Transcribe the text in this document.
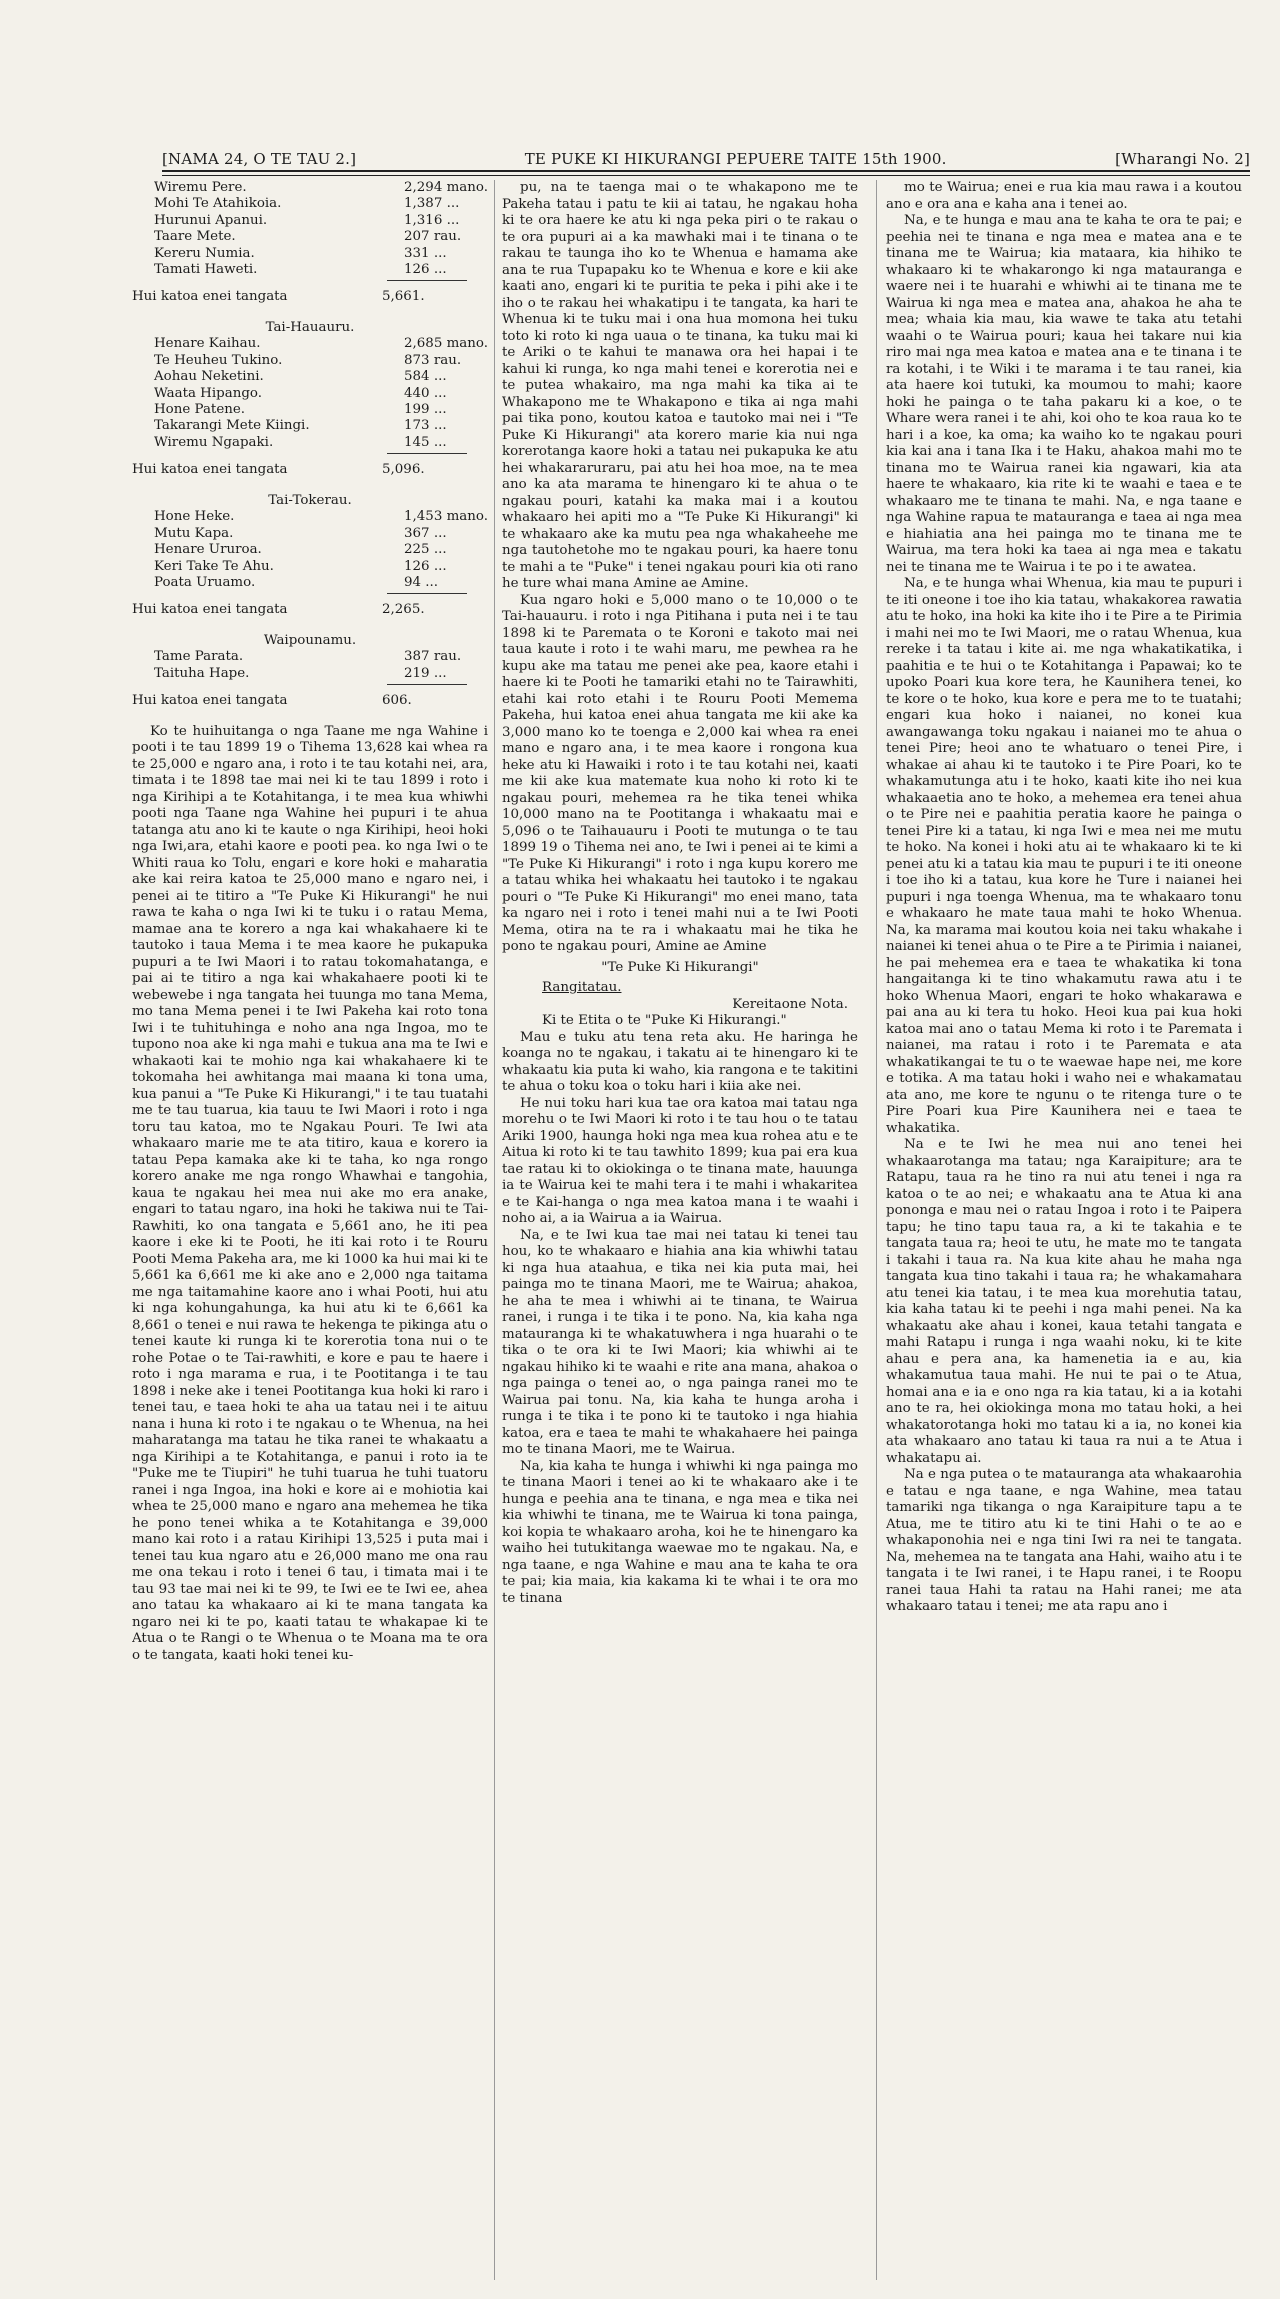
[NAMA 24, O TE TAU 2.]	TE PUKE KI HIKURANGI PEPUERE TAITE 15th 1900.	[Wharangi No. 2]
Wiremu Pere.	2,294 mano.
Mohi Te Atahikoia.	1,387 ...
Hurunui Apanui.	1,316 ...
Taare Mete.	207 rau.
Kereru Numia.	331 ...
Tamati Haweti.	126 ...
Hui katoa enei tangata	5,661.
Tai-Hauauru.
Henare Kaihau.	2,685 mano.
Te Heuheu Tukino.	873 rau.
Aohau Neketini.	584 ...
Waata Hipango.	440 ...
Hone Patene.	199 ...
Takarangi Mete Kiingi.	173 ...
Wiremu Ngapaki.	145 ...
Hui katoa enei tangata	5,096.
Tai-Tokerau.
Hone Heke.	1,453 mano.
Mutu Kapa.	367 ...
Henare Ururoa.	225 ...
Keri Take Te Ahu.	126 ...
Poata Uruamo.	94 ...
Hui katoa enei tangata	2,265.
Waipounamu.
Tame Parata.	387 rau.
Taituha Hape.	219 ...
Hui katoa enei tangata	606.

Ko te huihuitanga o nga Taane me nga Wahine i pooti i te tau 1899 19 o Tihema 13,628 kai whea ra te 25,000 e ngaro ana, i roto i te tau kotahi nei, ara, timata i te 1898 tae mai nei ki te tau 1899 i roto i nga Kirihipi a te Kotahitanga, i te mea kua whiwhi pooti nga Taane nga Wahine hei pupuri i te ahua tatanga atu ano ki te kaute o nga Kirihipi, heoi hoki nga Iwi,ara, etahi kaore e pooti pea. ko nga Iwi o te Whiti raua ko Tolu, engari e kore hoki e maharatia ake kai reira katoa te 25,000 mano e ngaro nei, i penei ai te titiro a "Te Puke Ki Hikurangi" he nui rawa te kaha o nga Iwi ki te tuku i o ratau Mema, mamae ana te korero a nga kai whakahaere ki te tautoko i taua Mema i te mea kaore he pukapuka pupuri a te Iwi Maori i to ratau tokomahatanga, e pai ai te titiro a nga kai whakahaere pooti ki te webewebe i nga tangata hei tuunga mo tana Mema, mo tana Mema penei i te Iwi Pakeha kai roto tona Iwi i te tuhituhinga e noho ana nga Ingoa, mo te tupono noa ake ki nga mahi e tukua ana ma te Iwi e whakaoti kai te mohio nga kai whakahaere ki te tokomaha hei awhitanga mai maana ki tona uma, kua panui a "Te Puke Ki Hikurangi," i te tau tuatahi me te tau tuarua, kia tauu te Iwi Maori i roto i nga toru tau katoa, mo te Ngakau Pouri. Te Iwi ata whakaaro marie me te ata titiro, kaua e korero ia tatau Pepa kamaka ake ki te taha, ko nga rongo korero anake me nga rongo Whawhai e tangohia, kaua te ngakau hei mea nui ake mo era anake, engari to tatau ngaro, ina hoki he takiwa nui te Tai- Rawhiti, ko ona tangata e 5,661 ano, he iti pea kaore i eke ki te Pooti, he iti kai roto i te Rouru Pooti Mema Pakeha ara, me ki 1000 ka hui mai ki te 5,661 ka 6,661 me ki ake ano e 2,000 nga taitama me nga taitamahine kaore ano i whai Pooti, hui atu ki nga kohungahunga, ka hui atu ki te 6,661 ka 8,661 o tenei e nui rawa te hekenga te pikinga atu o tenei kaute ki runga ki te korerotia tona nui o te rohe Potae o te Tai-rawhiti, e kore e pau te haere i roto i nga marama e rua, i te Pootitanga i te tau 1898 i neke ake i tenei Pootitanga kua hoki ki raro i tenei tau, e taea hoki te aha ua tatau nei i te aituu nana i huna ki roto i te ngakau o te Whenua, na hei maharatanga ma tatau he tika ranei te whakaatu a nga Kirihipi a te Kotahitanga, e panui i roto ia te "Puke me te Tiupiri" he tuhi tuarua he tuhi tuatoru ranei i nga Ingoa, ina hoki e kore ai e mohiotia kai whea te 25,000 mano e ngaro ana mehemea he tika he pono tenei whika a te Kotahitanga e 39,000 mano kai roto i a ratau Kirihipi 13,525 i puta mai i tenei tau kua ngaro atu e 26,000 mano me ona rau me ona tekau i roto i tenei 6 tau, i timata mai i te tau 93 tae mai nei ki te 99, te Iwi ee te Iwi ee, ahea ano tatau ka whakaaro ai ki te mana tangata ka ngaro nei ki te po, kaati tatau te whakapae ki te Atua o te Rangi o te Whenua o te Moana ma te ora o te tangata, kaati hoki tenei ku-

pu, na te taenga mai o te whakapono me te Pakeha tatau i patu te kii ai tatau, he ngakau hoha ki te ora haere ke atu ki nga peka piri o te rakau o te ora pupuri ai a ka mawhaki mai i te tinana o te rakau te taunga iho ko te Whenua e hamama ake ana te rua Tupapaku ko te Whenua e kore e kii ake kaati ano, engari ki te puritia te peka i pihi ake i te iho o te rakau hei whakatipu i te tangata, ka hari te Whenua ki te tuku mai i ona hua momona hei tuku toto ki roto ki nga uaua o te tinana, ka tuku mai ki te Ariki o te kahui te manawa ora hei hapai i te kahui ki runga, ko nga mahi tenei e korerotia nei e te putea whakairo, ma nga mahi ka tika ai te Whakapono me te Whakapono e tika ai nga mahi pai tika pono, koutou katoa e tautoko mai nei i "Te Puke Ki Hikurangi" ata korero marie kia nui nga korerotanga kaore hoki a tatau nei pukapuka ke atu hei whakararuraru, pai atu hei hoa moe, na te mea ano ka ata marama te hinengaro ki te ahua o te ngakau pouri, katahi ka maka mai i a koutou whakaaro hei apiti mo a "Te Puke Ki Hikurangi" ki te whakaaro ake ka mutu pea nga whakaheehe me nga tautohetohe mo te ngakau pouri, ka haere tonu te mahi a te "Puke" i tenei ngakau pouri kia oti rano he ture whai mana Amine ae Amine.

Kua ngaro hoki e 5,000 mano o te 10,000 o te Tai-hauauru. i roto i nga Pitihana i puta nei i te tau 1898 ki te Paremata o te Koroni e takoto mai nei taua kaute i roto i te wahi maru, me pewhea ra he kupu ake ma tatau me penei ake pea, kaore etahi i haere ki te Pooti he tamariki etahi no te Tairawhiti, etahi kai roto etahi i te Rouru Pooti Memema Pakeha, hui katoa enei ahua tangata me kii ake ka 3,000 mano ko te toenga e 2,000 kai whea ra enei mano e ngaro ana, i te mea kaore i rongona kua heke atu ki Hawaiki i roto i te tau kotahi nei, kaati me kii ake kua matemate kua noho ki roto ki te ngakau pouri, mehemea ra he tika tenei whika 10,000 mano na te Pootitanga i whakaatu mai e 5,096 o te Taihauauru i Pooti te mutunga o te tau 1899 19 o Tihema nei ano, te Iwi i penei ai te kimi a "Te Puke Ki Hikurangi" i roto i nga kupu korero me a tatau whika hei whakaatu hei tautoko i te ngakau pouri o "Te Puke Ki Hikurangi" mo enei mano, tata ka ngaro nei i roto i tenei mahi nui a te Iwi Pooti Mema, otira na te ra i whakaatu mai he tika he pono te ngakau pouri, Amine ae Amine

"Te Puke Ki Hikurangi"

Rangitatau.

Kereitaone Nota.

Ki te Etita o te "Puke Ki Hikurangi."

Mau e tuku atu tena reta aku. He haringa he koanga no te ngakau, i takatu ai te hinengaro ki te whakaatu kia puta ki waho, kia rangona e te takitini te ahua o toku koa o toku hari i kiia ake nei.

He nui toku hari kua tae ora katoa mai tatau nga morehu o te Iwi Maori ki roto i te tau hou o te tatau Ariki 1900, haunga hoki nga mea kua rohea atu e te Aitua ki roto ki te tau tawhito 1899; kua pai era kua tae ratau ki to okiokinga o te tinana mate, hauunga ia te Wairua kei te mahi tera i te mahi i whakaritea e te Kai-hanga o nga mea katoa mana i te waahi i noho ai, a ia Wairua a ia Wairua.

Na, e te Iwi kua tae mai nei tatau ki tenei tau hou, ko te whakaaro e hiahia ana kia whiwhi tatau ki nga hua ataahua, e tika nei kia puta mai, hei painga mo te tinana Maori, me te Wairua; ahakoa, he aha te mea i whiwhi ai te tinana, te Wairua ranei, i runga i te tika i te pono. Na, kia kaha nga matauranga ki te whakatuwhera i nga huarahi o te tika o te ora ki te Iwi Maori; kia whiwhi ai te ngakau hihiko ki te waahi e rite ana mana, ahakoa o nga painga o tenei ao, o nga painga ranei mo te Wairua pai tonu. Na, kia kaha te hunga aroha i runga i te tika i te pono ki te tautoko i nga hiahia katoa, era e taea te mahi te whakahaere hei painga mo te tinana Maori, me te Wairua.

Na, kia kaha te hunga i whiwhi ki nga painga mo te tinana Maori i tenei ao ki te whakaaro ake i te hunga e peehia ana te tinana, e nga mea e tika nei kia whiwhi te tinana, me te Wairua ki tona painga, koi kopia te whakaaro aroha, koi he te hinengaro ka waiho hei tutukitanga waewae mo te ngakau. Na, e nga taane, e nga Wahine e mau ana te kaha te ora te pai; kia maia, kia kakama ki te whai i te ora mo te tinana

mo te Wairua; enei e rua kia mau rawa i a koutou ano e ora ana e kaha ana i tenei ao.

Na, e te hunga e mau ana te kaha te ora te pai; e peehia nei te tinana e nga mea e matea ana e te tinana me te Wairua; kia mataara, kia hihiko te whakaaro ki te whakarongo ki nga matauranga e waere nei i te huarahi e whiwhi ai te tinana me te Wairua ki nga mea e matea ana, ahakoa he aha te mea; whaia kia mau, kia wawe te taka atu tetahi waahi o te Wairua pouri; kaua hei takare nui kia riro mai nga mea katoa e matea ana e te tinana i te ra kotahi, i te Wiki i te marama i te tau ranei, kia ata haere koi tutuki, ka moumou to mahi; kaore hoki he painga o te taha pakaru ki a koe, o te Whare wera ranei i te ahi, koi oho te koa raua ko te hari i a koe, ka oma; ka waiho ko te ngakau pouri kia kai ana i tana Ika i te Haku, ahakoa mahi mo te tinana mo te Wairua ranei kia ngawari, kia ata haere te whakaaro, kia rite ki te waahi e taea e te whakaaro me te tinana te mahi. Na, e nga taane e nga Wahine rapua te matauranga e taea ai nga mea e hiahiatia ana hei painga mo te tinana me te Wairua, ma tera hoki ka taea ai nga mea e takatu nei te tinana me te Wairua i te po i te awatea.

Na, e te hunga whai Whenua, kia mau te pupuri i te iti oneone i toe iho kia tatau, whakakorea rawatia atu te hoko, ina hoki ka kite iho i te Pire a te Pirimia i mahi nei mo te Iwi Maori, me o ratau Whenua, kua rereke i ta tatau i kite ai. me nga whakatikatika, i paahitia e te hui o te Kotahitanga i Papawai; ko te upoko Poari kua kore tera, he Kaunihera tenei, ko te kore o te hoko, kua kore e pera me to te tuatahi; engari kua hoko i naianei, no konei kua awangawanga toku ngakau i naianei mo te ahua o tenei Pire; heoi ano te whatuaro o tenei Pire, i whakae ai ahau ki te tautoko i te Pire Poari, ko te whakamutunga atu i te hoko, kaati kite iho nei kua whakaaetia ano te hoko, a mehemea era tenei ahua o te Pire nei e paahitia peratia kaore he painga o tenei Pire ki a tatau, ki nga Iwi e mea nei me mutu te hoko. Na konei i hoki atu ai te whakaaro ki te ki penei atu ki a tatau kia mau te pupuri i te iti oneone i toe iho ki a tatau, kua kore he Ture i naianei hei pupuri i nga toenga Whenua, ma te whakaaro tonu e whakaaro he mate taua mahi te hoko Whenua. Na, ka marama mai koutou koia nei taku whakahe i naianei ki tenei ahua o te Pire a te Pirimia i naianei, he pai mehemea era e taea te whakatika ki tona hangaitanga ki te tino whakamutu rawa atu i te hoko Whenua Maori, engari te hoko whakarawa e pai ana au ki tera tu hoko. Heoi kua pai kua hoki katoa mai ano o tatau Mema ki roto i te Paremata i naianei, ma ratau i roto i te Paremata e ata whakatikangai te tu o te waewae hape nei, me kore e totika. A ma tatau hoki i waho nei e whakamatau ata ano, me kore te ngunu o te ritenga ture o te Pire Poari kua Pire Kaunihera nei e taea te whakatika.

Na e te Iwi he mea nui ano tenei hei whakaarotanga ma tatau; nga Karaipiture; ara te Ratapu, taua ra he tino ra nui atu tenei i nga ra katoa o te ao nei; e whakaatu ana te Atua ki ana pononga e mau nei o ratau Ingoa i roto i te Paipera tapu; he tino tapu taua ra, a ki te takahia e te tangata taua ra; heoi te utu, he mate mo te tangata i takahi i taua ra. Na kua kite ahau he maha nga tangata kua tino takahi i taua ra; he whakamahara atu tenei kia tatau, i te mea kua morehutia tatau, kia kaha tatau ki te peehi i nga mahi penei. Na ka whakaatu ake ahau i konei, kaua tetahi tangata e mahi Ratapu i runga i nga waahi noku, ki te kite ahau e pera ana, ka hamenetia ia e au, kia whakamutua taua mahi. He nui te pai o te Atua, homai ana e ia e ono nga ra kia tatau, ki a ia kotahi ano te ra, hei okiokinga mona mo tatau hoki, a hei whakatorotanga hoki mo tatau ki a ia, no konei kia ata whakaaro ano tatau ki taua ra nui a te Atua i whakatapu ai.

Na e nga putea o te matauranga ata whakaarohia e tatau e nga taane, e nga Wahine, mea tatau tamariki nga tikanga o nga Karaipiture tapu a te Atua, me te titiro atu ki te tini Hahi o te ao e whakaponohia nei e nga tini Iwi ra nei te tangata. Na, mehemea na te tangata ana Hahi, waiho atu i te tangata i te Iwi ranei, i te Hapu ranei, i te Roopu ranei taua Hahi ta ratau na Hahi ranei; me ata whakaaro tatau i tenei; me ata rapu ano i
